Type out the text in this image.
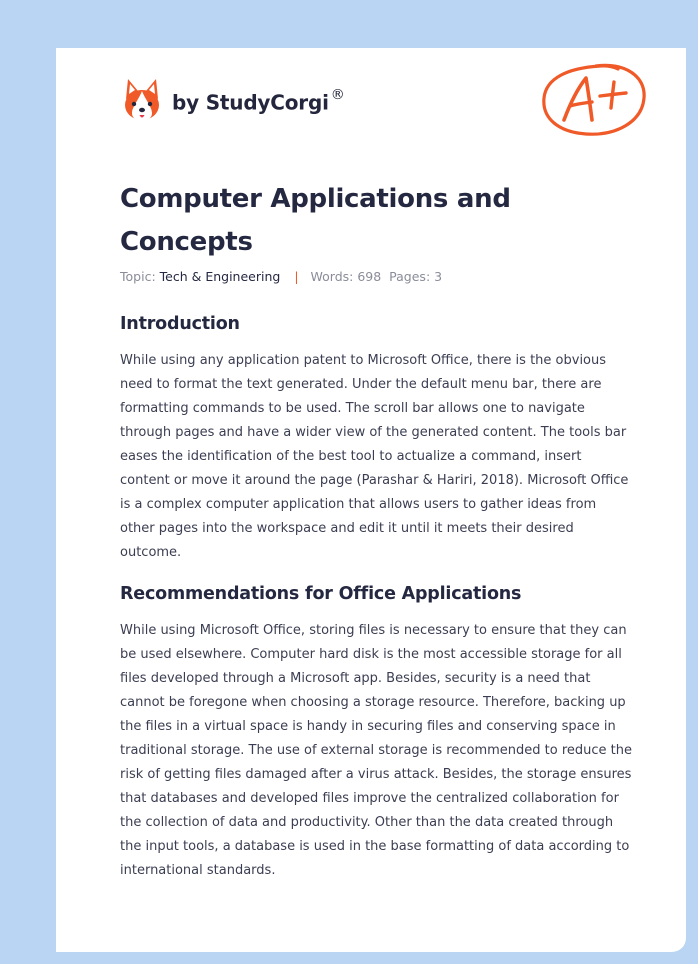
by StudyCorgi ®
Computer Applications and Concepts
Topic: Tech & Engineering | Words: 698 Pages: 3
Introduction

While using any application patent to Microsoft Office, there is the obvious need to format the text generated. Under the default menu bar, there are formatting commands to be used. The scroll bar allows one to navigate through pages and have a wider view of the generated content. The tools bar eases the identification of the best tool to actualize a command, insert content or move it around the page (Parashar & Hariri, 2018). Microsoft Office is a complex computer application that allows users to gather ideas from other pages into the workspace and edit it until it meets their desired outcome.

Recommendations for Office Applications

While using Microsoft Office, storing files is necessary to ensure that they can be used elsewhere. Computer hard disk is the most accessible storage for all files developed through a Microsoft app. Besides, security is a need that cannot be foregone when choosing a storage resource. Therefore, backing up the files in a virtual space is handy in securing files and conserving space in traditional storage. The use of external storage is recommended to reduce the risk of getting files damaged after a virus attack. Besides, the storage ensures that databases and developed files improve the centralized collaboration for the collection of data and productivity. Other than the data created through the input tools, a database is used in the base formatting of data according to international standards.
